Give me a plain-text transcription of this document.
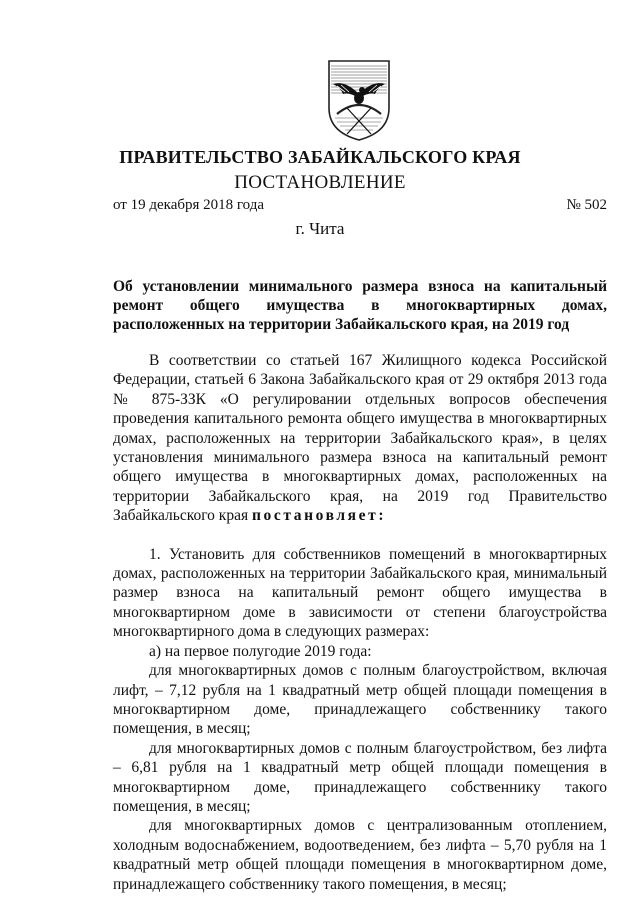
ПРАВИТЕЛЬСТВО ЗАБАЙКАЛЬСКОГО КРАЯ
ПОСТАНОВЛЕНИЕ
от 19 декабря 2018 года	№ 502
г. Чита
Об установлении минимального размера взноса на капитальный ремонт общего имущества в многоквартирных домах, расположенных на территории Забайкальского края, на 2019 год

В соответствии со статьей 167 Жилищного кодекса Российской Федерации, статьей 6 Закона Забайкальского края от 29 октября 2013 года № 875-ЗЗК «О регулировании отдельных вопросов обеспечения проведения капитального ремонта общего имущества в многоквартирных домах, расположенных на территории Забайкальского края», в целях установления минимального размера взноса на капитальный ремонт общего имущества в многоквартирных домах, расположенных на территории Забайкальского края, на 2019 год Правительство Забайкальского края постановляет:

1. Установить для собственников помещений в многоквартирных домах, расположенных на территории Забайкальского края, минимальный размер взноса на капитальный ремонт общего имущества в многоквартирном доме в зависимости от степени благоустройства многоквартирного дома в следующих размерах:

а) на первое полугодие 2019 года:

для многоквартирных домов с полным благоустройством, включая лифт, – 7,12 рубля на 1 квадратный метр общей площади помещения в многоквартирном доме, принадлежащего собственнику такого помещения, в месяц;

для многоквартирных домов с полным благоустройством, без лифта – 6,81 рубля на 1 квадратный метр общей площади помещения в многоквартирном доме, принадлежащего собственнику такого помещения, в месяц;

для многоквартирных домов с централизованным отоплением, холодным водоснабжением, водоотведением, без лифта – 5,70 рубля на 1 квадратный метр общей площади помещения в многоквартирном доме, принадлежащего собственнику такого помещения, в месяц;
